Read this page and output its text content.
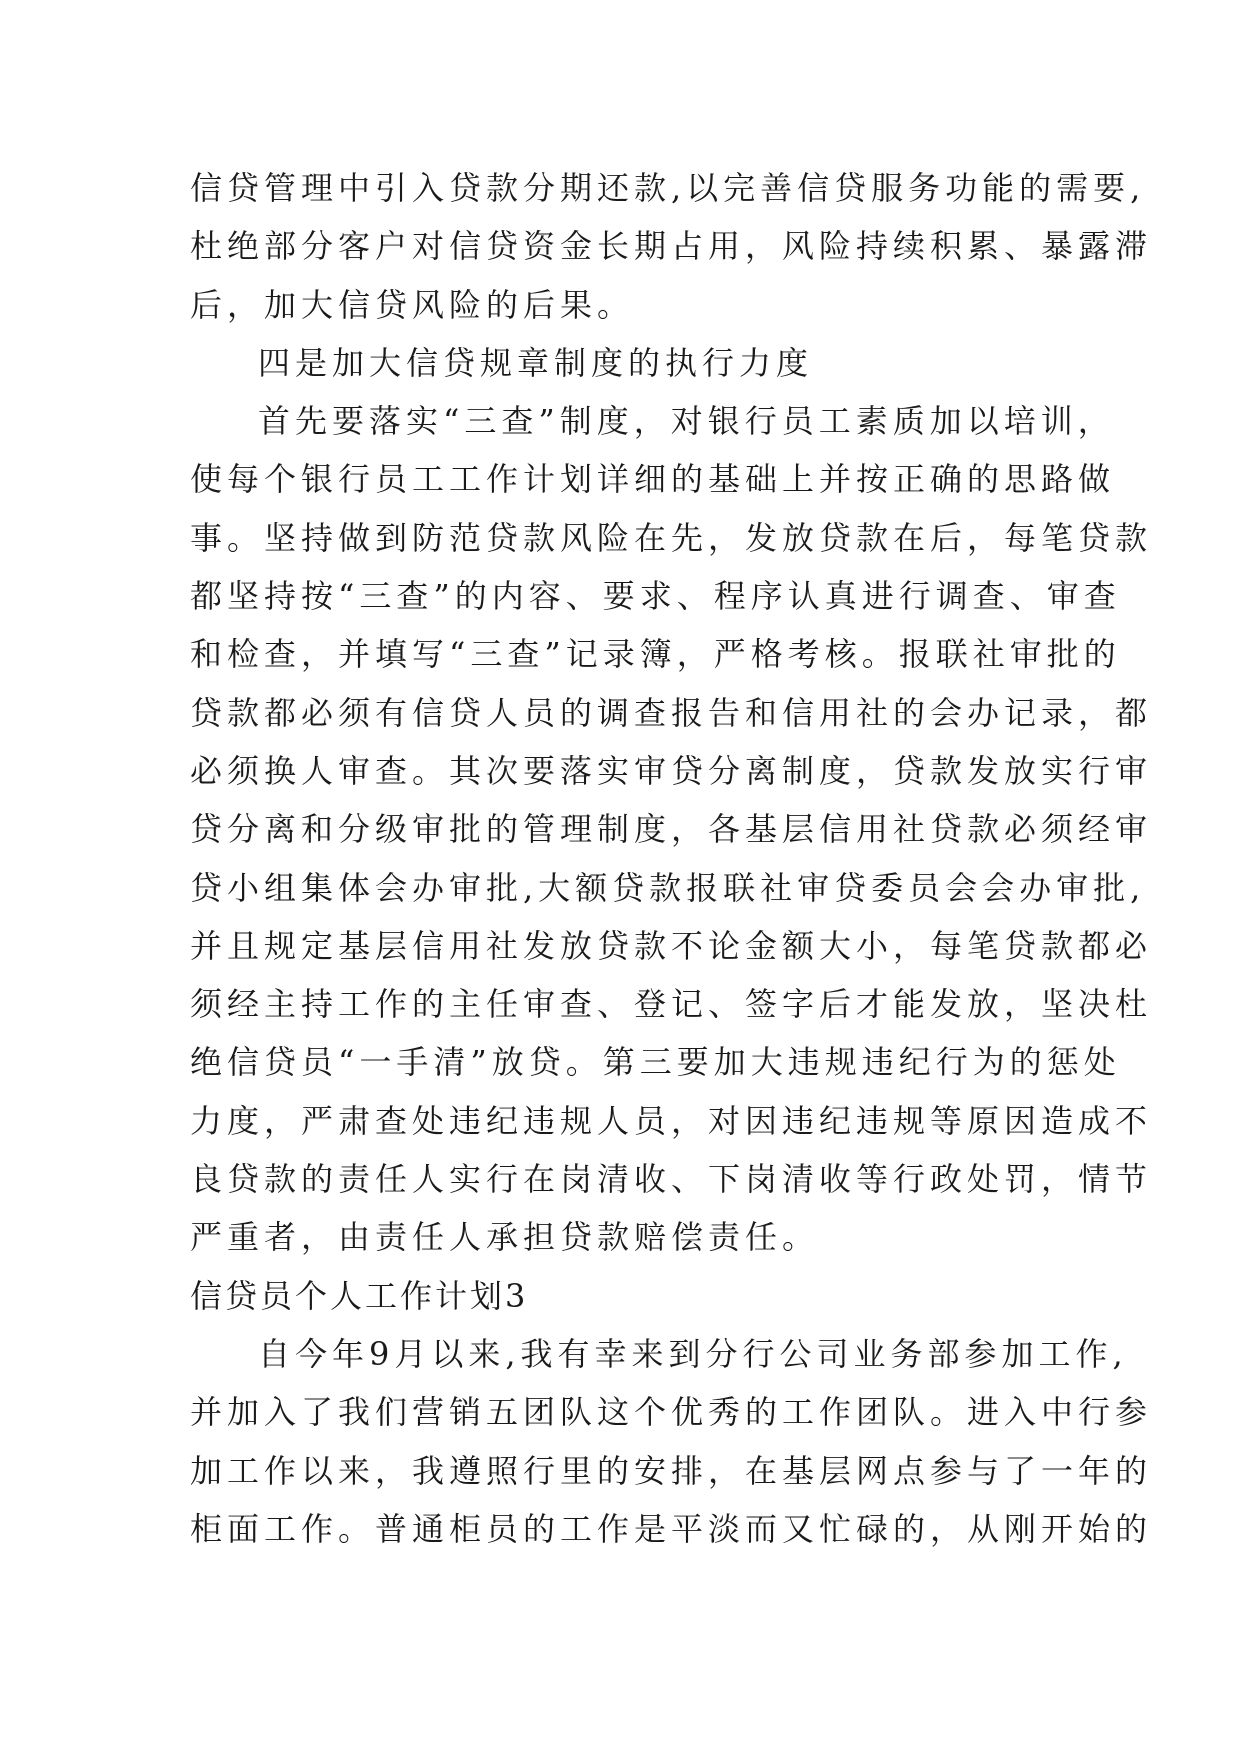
信贷管理中引入贷款分期还款,以完善信贷服务功能的需要,
杜绝部分客户对信贷资金长期占用，风险持续积累、暴露滞
后，加大信贷风险的后果。
四是加大信贷规章制度的执行力度
首先要落实“三查”制度，对银行员工素质加以培训，
使每个银行员工工作计划详细的基础上并按正确的思路做
事。坚持做到防范贷款风险在先，发放贷款在后，每笔贷款
都坚持按“三查”的内容、要求、程序认真进行调查、审查
和检查，并填写“三查”记录簿，严格考核。报联社审批的
贷款都必须有信贷人员的调查报告和信用社的会办记录，都
必须换人审查。其次要落实审贷分离制度，贷款发放实行审
贷分离和分级审批的管理制度，各基层信用社贷款必须经审
贷小组集体会办审批,大额贷款报联社审贷委员会会办审批,
并且规定基层信用社发放贷款不论金额大小，每笔贷款都必
须经主持工作的主任审查、登记、签字后才能发放，坚决杜
绝信贷员“一手清”放贷。第三要加大违规违纪行为的惩处
力度，严肃查处违纪违规人员，对因违纪违规等原因造成不
良贷款的责任人实行在岗清收、下岗清收等行政处罚，情节
严重者，由责任人承担贷款赔偿责任。
信贷员个人工作计划3
自今年9月以来,我有幸来到分行公司业务部参加工作,
并加入了我们营销五团队这个优秀的工作团队。进入中行参
加工作以来，我遵照行里的安排，在基层网点参与了一年的
柜面工作。普通柜员的工作是平淡而又忙碌的，从刚开始的
